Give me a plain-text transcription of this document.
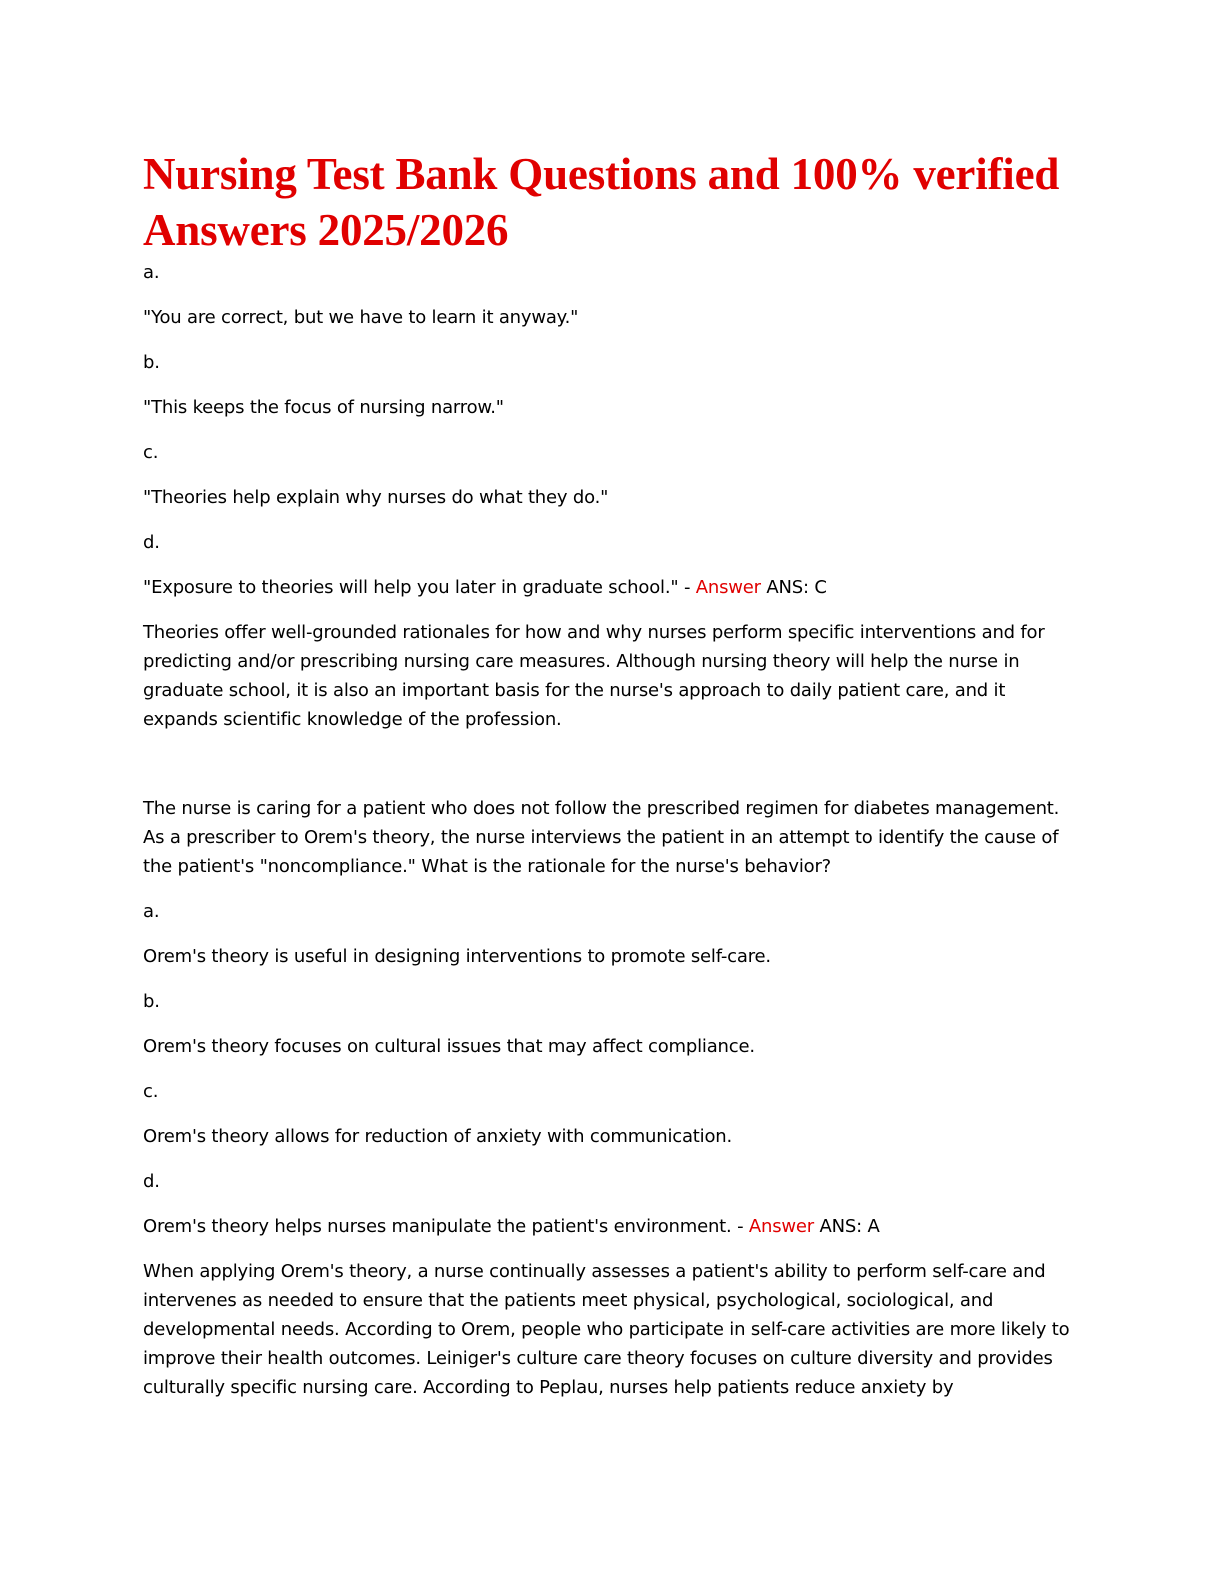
Nursing Test Bank Questions and 100% verified Answers 2025/2026

a.

"You are correct, but we have to learn it anyway."

b.

"This keeps the focus of nursing narrow."

c.

"Theories help explain why nurses do what they do."

d.

"Exposure to theories will help you later in graduate school." - Answer ANS: C

Theories offer well-grounded rationales for how and why nurses perform specific interventions and for predicting and/or prescribing nursing care measures. Although nursing theory will help the nurse in graduate school, it is also an important basis for the nurse's approach to daily patient care, and it expands scientific knowledge of the profession.

The nurse is caring for a patient who does not follow the prescribed regimen for diabetes management. As a prescriber to Orem's theory, the nurse interviews the patient in an attempt to identify the cause of the patient's "noncompliance." What is the rationale for the nurse's behavior?

a.

Orem's theory is useful in designing interventions to promote self-care.

b.

Orem's theory focuses on cultural issues that may affect compliance.

c.

Orem's theory allows for reduction of anxiety with communication.

d.

Orem's theory helps nurses manipulate the patient's environment. - Answer ANS: A

When applying Orem's theory, a nurse continually assesses a patient's ability to perform self-care and intervenes as needed to ensure that the patients meet physical, psychological, sociological, and developmental needs. According to Orem, people who participate in self-care activities are more likely to improve their health outcomes. Leiniger's culture care theory focuses on culture diversity and provides culturally specific nursing care. According to Peplau, nurses help patients reduce anxiety by
